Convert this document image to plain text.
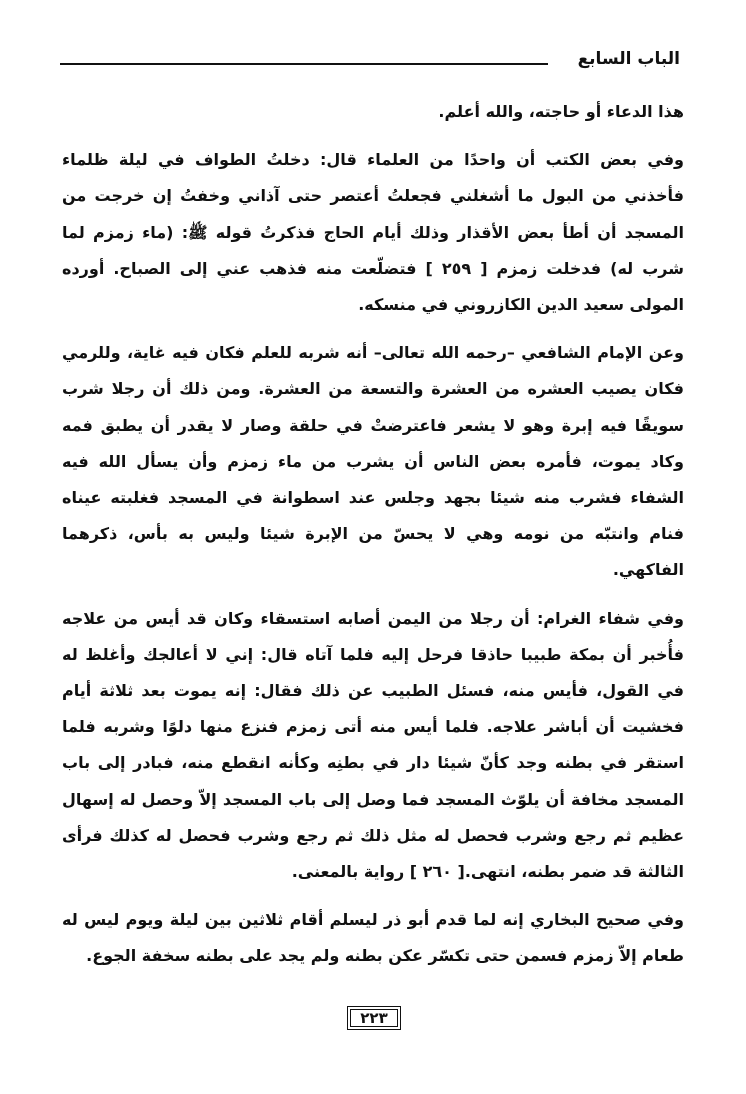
الباب السابع

هذا الدعاء أو حاجته، والله أعلم.

وفي بعض الكتب أن واحدًا من العلماء قال: دخلتُ الطواف في ليلة ظلماء فأخذني من البول ما أشغلني فجعلتُ أعتصر حتى آذاني وخفتُ إن خرجت من المسجد أن أطأ بعض الأقذار وذلك أيام الحاج فذكرتُ قوله ﷺ: (ماء زمزم لما شرب له) فدخلت زمزم [ ٢٥٩ ] فتضلّعت منه فذهب عني إلى الصباح. أورده المولى سعيد الدين الكازروني في منسكه.

وعن الإمام الشافعي –رحمه الله تعالى– أنه شربه للعلم فكان فيه غاية، وللرمي فكان يصيب العشره من العشرة والتسعة من العشرة. ومن ذلك أن رجلا شرب سويقًا فيه إبرة وهو لا يشعر فاعترضتْ في حلقة وصار لا يقدر أن يطبق فمه وكاد يموت، فأمره بعض الناس أن يشرب من ماء زمزم وأن يسأل الله فيه الشفاء فشرب منه شيئا بجهد وجلس عند اسطوانة في المسجد فغلبته عيناه فنام وانتبّه من نومه وهي لا يحسّ من الإبرة شيئا وليس به بأس، ذكرهما الفاكهي.

وفي شفاء الغرام: أن رجلا من اليمن أصابه استسقاء وكان قد أيس من علاجه فأُخبر أن بمكة طبيبا حاذقا فرحل إليه فلما آتاه قال: إني لا أعالجك وأغلظ له في القول، فأيس منه، فسئل الطبيب عن ذلك فقال: إنه يموت بعد ثلاثة أيام فخشيت أن أباشر علاجه. فلما أيس منه أتى زمزم فنزع منها دلوًا وشربه فلما استقر في بطنه وجد كأنّ شيئا دار في بطنِه وكأنه انقطع منه، فبادر إلى باب المسجد مخافة أن يلوّث المسجد فما وصل إلى باب المسجد إلاّ وحصل له إسهال عظيم ثم رجع وشرب فحصل له مثل ذلك ثم رجع وشرب فحصل له كذلك فرأى الثالثة قد ضمر بطنه، انتهى.[ ٢٦٠ ] رواية بالمعنى.

وفي صحيح البخاري إنه لما قدم أبو ذر ليسلم أقام ثلاثين بين ليلة ويوم ليس له طعام إلاّ زمزم فسمن حتى تكسّر عكن بطنه ولم يجد على بطنه سخفة الجوع.

٢٢٣
